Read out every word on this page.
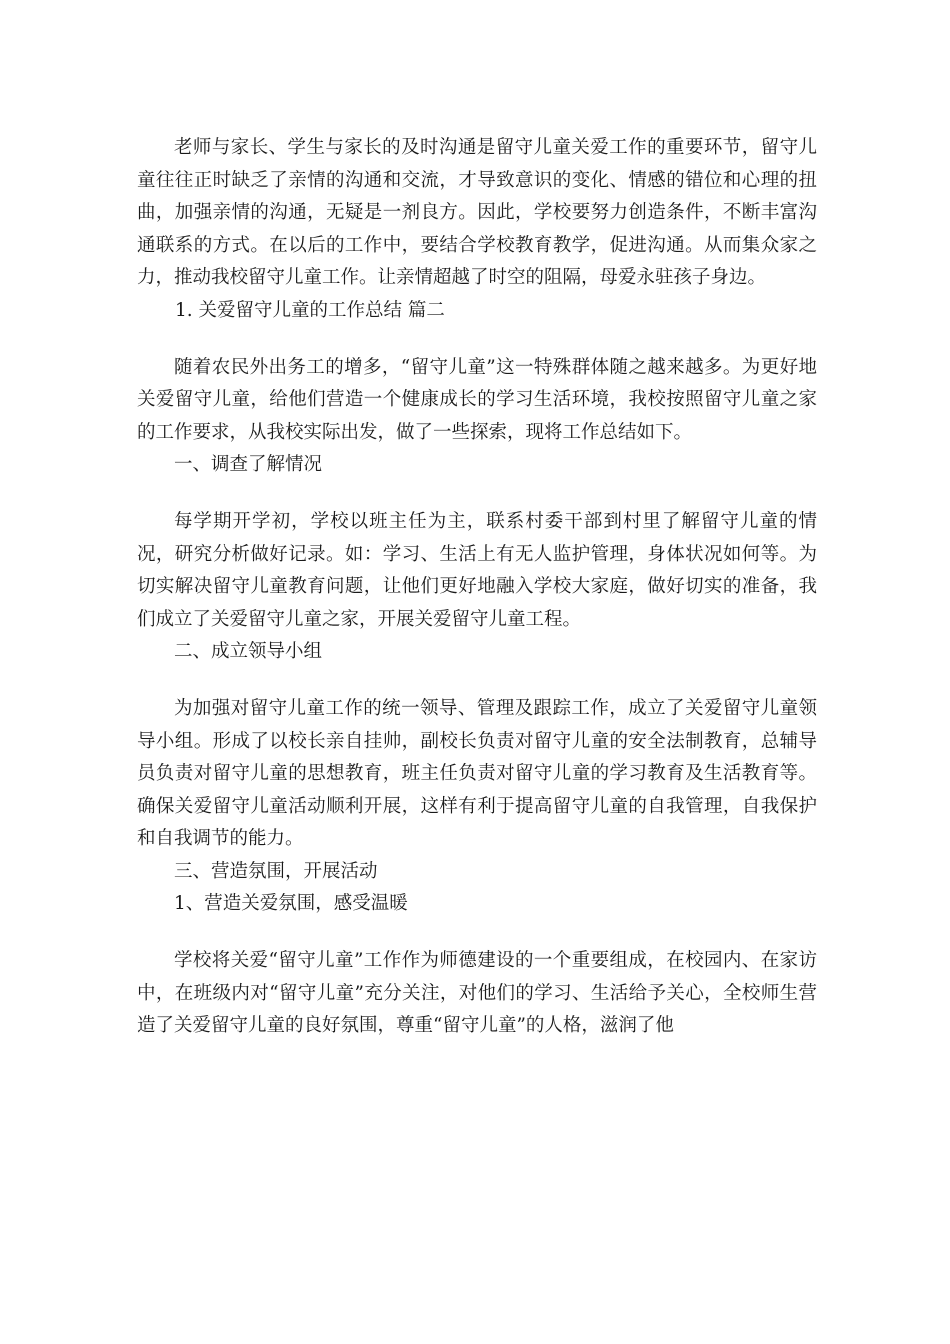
老师与家长、学生与家长的及时沟通是留守儿童关爱工作的重要环节，留守儿童往往正时缺乏了亲情的沟通和交流，才导致意识的变化、情感的错位和心理的扭曲，加强亲情的沟通，无疑是一剂良方。因此，学校要努力创造条件，不断丰富沟通联系的方式。在以后的工作中，要结合学校教育教学，促进沟通。从而集众家之力，推动我校留守儿童工作。让亲情超越了时空的阻隔，母爱永驻孩子身边。

1. 关爱留守儿童的工作总结 篇二

随着农民外出务工的增多，“留守儿童”这一特殊群体随之越来越多。为更好地关爱留守儿童，给他们营造一个健康成长的学习生活环境，我校按照留守儿童之家的工作要求，从我校实际出发，做了一些探索，现将工作总结如下。

一、调查了解情况

每学期开学初，学校以班主任为主，联系村委干部到村里了解留守儿童的情况，研究分析做好记录。如：学习、生活上有无人监护管理，身体状况如何等。为切实解决留守儿童教育问题，让他们更好地融入学校大家庭，做好切实的准备，我们成立了关爱留守儿童之家，开展关爱留守儿童工程。

二、成立领导小组

为加强对留守儿童工作的统一领导、管理及跟踪工作，成立了关爱留守儿童领导小组。形成了以校长亲自挂帅，副校长负责对留守儿童的安全法制教育，总辅导员负责对留守儿童的思想教育，班主任负责对留守儿童的学习教育及生活教育等。确保关爱留守儿童活动顺利开展，这样有利于提高留守儿童的自我管理，自我保护和自我调节的能力。

三、营造氛围，开展活动

1、营造关爱氛围，感受温暖

学校将关爱“留守儿童”工作作为师德建设的一个重要组成，在校园内、在家访中，在班级内对“留守儿童”充分关注，对他们的学习、生活给予关心，全校师生营造了关爱留守儿童的良好氛围，尊重“留守儿童”的人格，滋润了他
